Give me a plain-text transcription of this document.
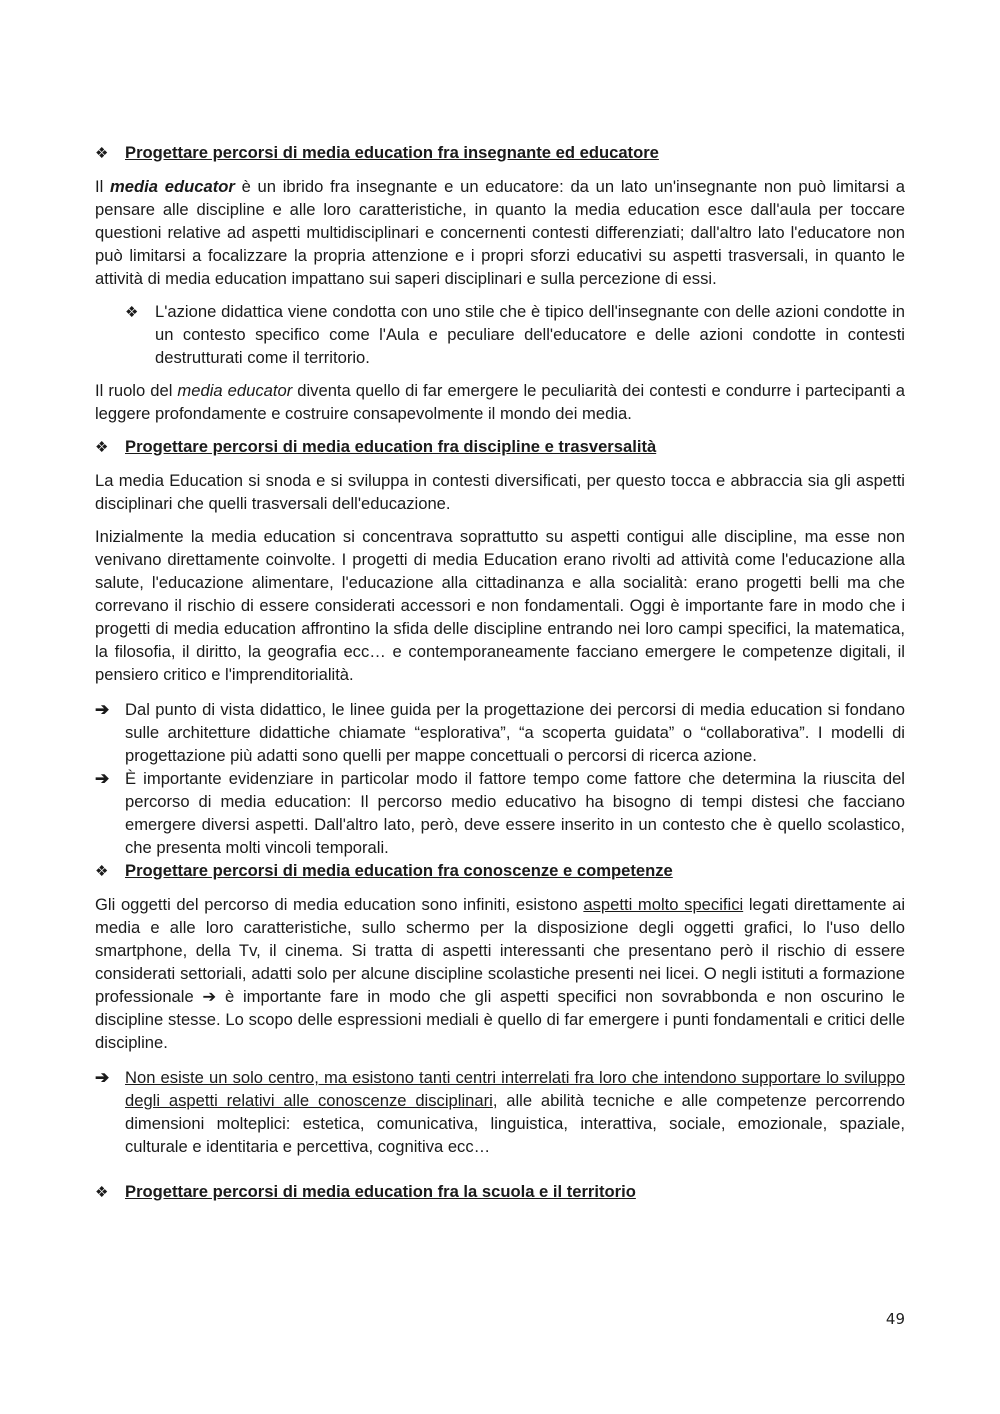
❖ Progettare percorsi di media education fra insegnante ed educatore

Il media educator è un ibrido fra insegnante e un educatore: da un lato un'insegnante non può limitarsi a pensare alle discipline e alle loro caratteristiche, in quanto la media education esce dall'aula per toccare questioni relative ad aspetti multidisciplinari e concernenti contesti differenziati; dall'altro lato l'educatore non può limitarsi a focalizzare la propria attenzione e i propri sforzi educativi su aspetti trasversali, in quanto le attività di media education impattano sui saperi disciplinari e sulla percezione di essi.

❖ L'azione didattica viene condotta con uno stile che è tipico dell'insegnante con delle azioni condotte in un contesto specifico come l'Aula e peculiare dell'educatore e delle azioni condotte in contesti destrutturati come il territorio.

Il ruolo del media educator diventa quello di far emergere le peculiarità dei contesti e condurre i partecipanti a leggere profondamente e costruire consapevolmente il mondo dei media.

❖ Progettare percorsi di media education fra discipline e trasversalità

La media Education si snoda e si sviluppa in contesti diversificati, per questo tocca e abbraccia sia gli aspetti disciplinari che quelli trasversali dell'educazione.

Inizialmente la media education si concentrava soprattutto su aspetti contigui alle discipline, ma esse non venivano direttamente coinvolte. I progetti di media Education erano rivolti ad attività come l'educazione alla salute, l'educazione alimentare, l'educazione alla cittadinanza e alla socialità: erano progetti belli ma che correvano il rischio di essere considerati accessori e non fondamentali. Oggi è importante fare in modo che i progetti di media education affrontino la sfida delle discipline entrando nei loro campi specifici, la matematica, la filosofia, il diritto, la geografia ecc… e contemporaneamente facciano emergere le competenze digitali, il pensiero critico e l'imprenditorialità.

➔ Dal punto di vista didattico, le linee guida per la progettazione dei percorsi di media education si fondano sulle architetture didattiche chiamate “esplorativa”, “a scoperta guidata” o “collaborativa”. I modelli di progettazione più adatti sono quelli per mappe concettuali o percorsi di ricerca azione.
➔ È importante evidenziare in particolar modo il fattore tempo come fattore che determina la riuscita del percorso di media education: Il percorso medio educativo ha bisogno di tempi distesi che facciano emergere diversi aspetti. Dall'altro lato, però, deve essere inserito in un contesto che è quello scolastico, che presenta molti vincoli temporali.
❖ Progettare percorsi di media education fra conoscenze e competenze

Gli oggetti del percorso di media education sono infiniti, esistono aspetti molto specifici legati direttamente ai media e alle loro caratteristiche, sullo schermo per la disposizione degli oggetti grafici, lo l'uso dello smartphone, della Tv, il cinema. Si tratta di aspetti interessanti che presentano però il rischio di essere considerati settoriali, adatti solo per alcune discipline scolastiche presenti nei licei. O negli istituti a formazione professionale ➔ è importante fare in modo che gli aspetti specifici non sovrabbonda e non oscurino le discipline stesse. Lo scopo delle espressioni mediali è quello di far emergere i punti fondamentali e critici delle discipline.

➔ Non esiste un solo centro, ma esistono tanti centri interrelati fra loro che intendono supportare lo sviluppo degli aspetti relativi alle conoscenze disciplinari, alle abilità tecniche e alle competenze percorrendo dimensioni molteplici: estetica, comunicativa, linguistica, interattiva, sociale, emozionale, spaziale, culturale e identitaria e percettiva, cognitiva ecc…
❖ Progettare percorsi di media education fra la scuola e il territorio
49
